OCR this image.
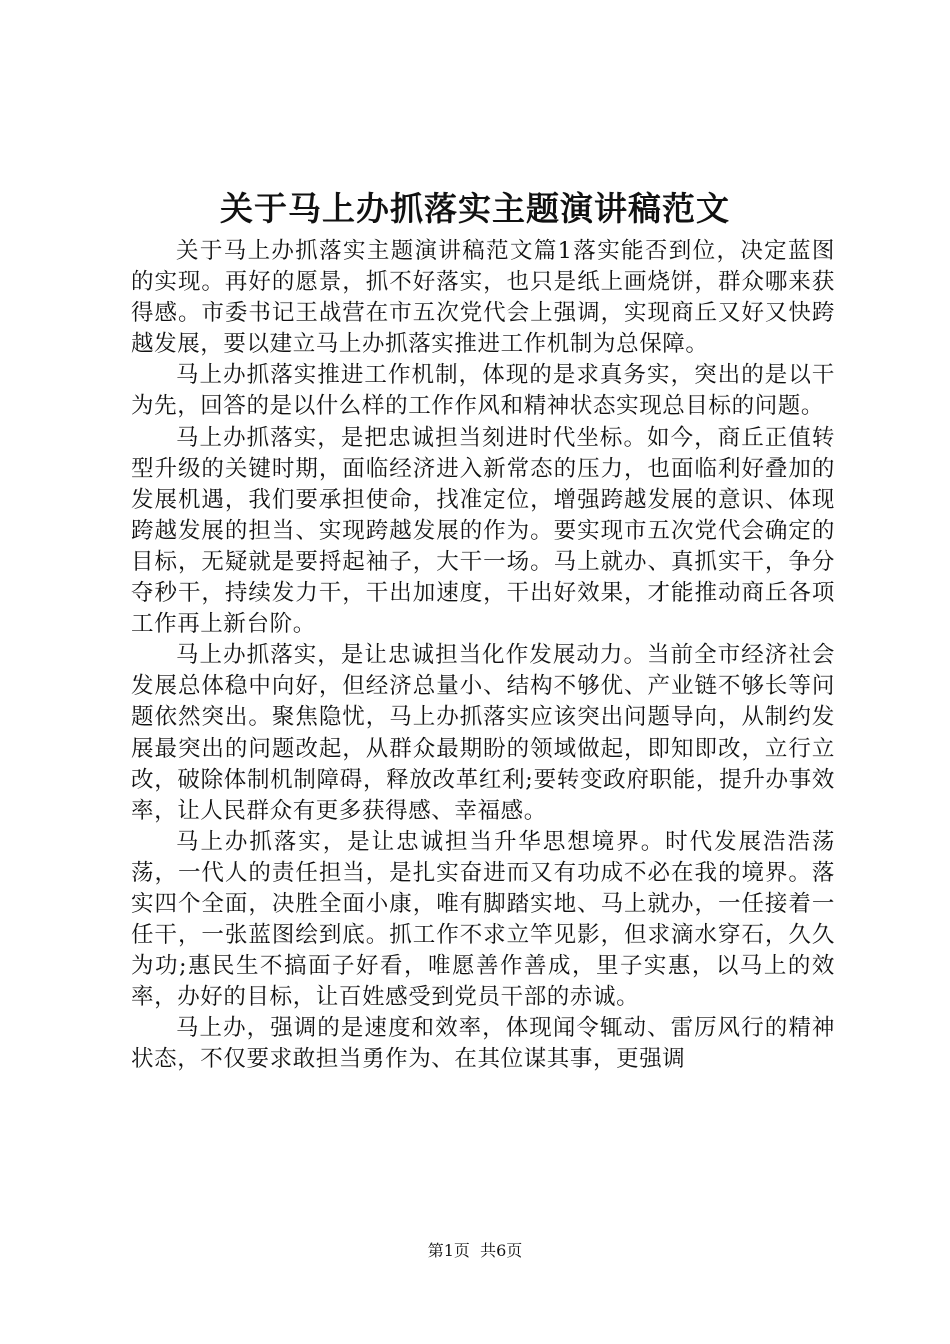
关于马上办抓落实主题演讲稿范文

关于马上办抓落实主题演讲稿范文篇1落实能否到位，决定蓝图的实现。再好的愿景，抓不好落实，也只是纸上画烧饼，群众哪来获得感。市委书记王战营在市五次党代会上强调，实现商丘又好又快跨越发展，要以建立马上办抓落实推进工作机制为总保障。

马上办抓落实推进工作机制，体现的是求真务实，突出的是以干为先，回答的是以什么样的工作作风和精神状态实现总目标的问题。

马上办抓落实，是把忠诚担当刻进时代坐标。如今，商丘正值转型升级的关键时期，面临经济进入新常态的压力，也面临利好叠加的发展机遇，我们要承担使命，找准定位，增强跨越发展的意识、体现跨越发展的担当、实现跨越发展的作为。要实现市五次党代会确定的目标，无疑就是要捋起袖子，大干一场。马上就办、真抓实干，争分夺秒干，持续发力干，干出加速度，干出好效果，才能推动商丘各项工作再上新台阶。

马上办抓落实，是让忠诚担当化作发展动力。当前全市经济社会发展总体稳中向好，但经济总量小、结构不够优、产业链不够长等问题依然突出。聚焦隐忧，马上办抓落实应该突出问题导向，从制约发展最突出的问题改起，从群众最期盼的领域做起，即知即改，立行立改，破除体制机制障碍，释放改革红利;要转变政府职能，提升办事效率，让人民群众有更多获得感、幸福感。

马上办抓落实，是让忠诚担当升华思想境界。时代发展浩浩荡荡，一代人的责任担当，是扎实奋进而又有功成不必在我的境界。落实四个全面，决胜全面小康，唯有脚踏实地、马上就办，一任接着一任干，一张蓝图绘到底。抓工作不求立竿见影，但求滴水穿石，久久为功;惠民生不搞面子好看，唯愿善作善成，里子实惠，以马上的效率，办好的目标，让百姓感受到党员干部的赤诚。

马上办，强调的是速度和效率，体现闻令辄动、雷厉风行的精神状态，不仅要求敢担当勇作为、在其位谋其事，更强调

第1页  共6页
